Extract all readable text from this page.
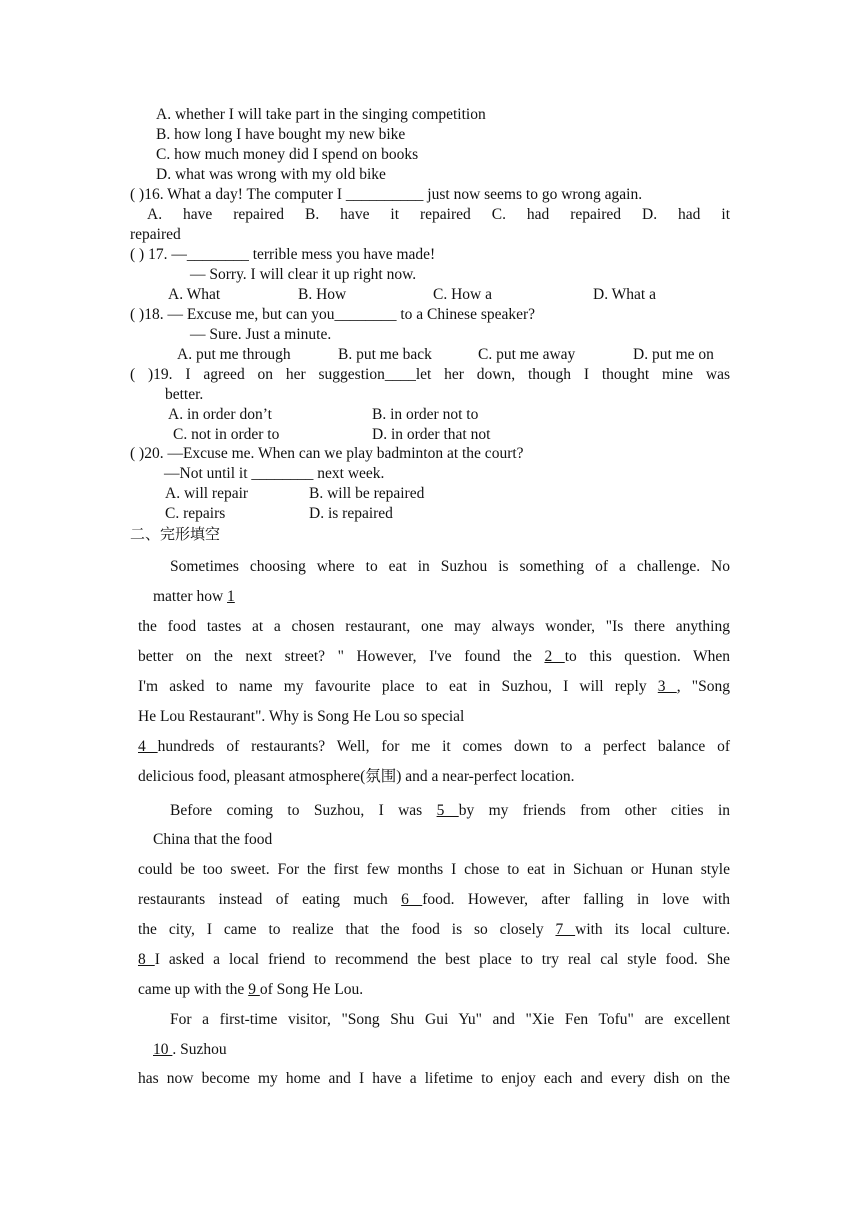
A. whether I will take part in the singing competition
B. how long I have bought my new bike
C. how much money did I spend on books
D. what was wrong with my old bike
( )16. What a day! The computer I __________ just now seems to go wrong again.
A. have repaired B. have it repaired C. had repaired D. had it
repaired
( ) 17. —________ terrible mess you have made!
— Sorry. I will clear it up right now.
A. What	B. How	C. How a	D. What a
( )18. — Excuse me, but can you________ to a Chinese speaker?
— Sure. Just a minute.
A. put me through	B. put me back	C. put me away	D. put me on
( )19. I agreed on her suggestion____let her down, though I thought mine was
better.
A. in order don’t	B. in order not to
C. not in order to	D. in order that not
( )20. —Excuse me. When can we play badminton at the court?
—Not until it ________ next week.
A. will repair	B. will be repaired
C. repairs	D. is repaired
二、完形填空
Sometimes choosing where to eat in Suzhou is something of a challenge. No
matter how 1
the food tastes at a chosen restaurant, one may always wonder, "Is there anything
better on the next street? " However, I've found the 2 to this question. When
I'm asked to name my favourite place to eat in Suzhou, I will reply 3 , "Song
He Lou Restaurant". Why is Song He Lou so special
4 hundreds of restaurants? Well, for me it comes down to a perfect balance of
delicious food, pleasant atmosphere(氛围) and a near-perfect location.
Before coming to Suzhou, I was 5 by my friends from other cities in
China that the food
could be too sweet. For the first few months I chose to eat in Sichuan or Hunan style
restaurants instead of eating much 6 food. However, after falling in love with
the city, I came to realize that the food is so closely 7 with its local culture.
8 I asked a local friend to recommend the best place to try real cal style food. She
came up with the 9 of Song He Lou.
For a first-time visitor, "Song Shu Gui Yu" and "Xie Fen Tofu" are excellent
10 . Suzhou
has now become my home and I have a lifetime to enjoy each and every dish on the
